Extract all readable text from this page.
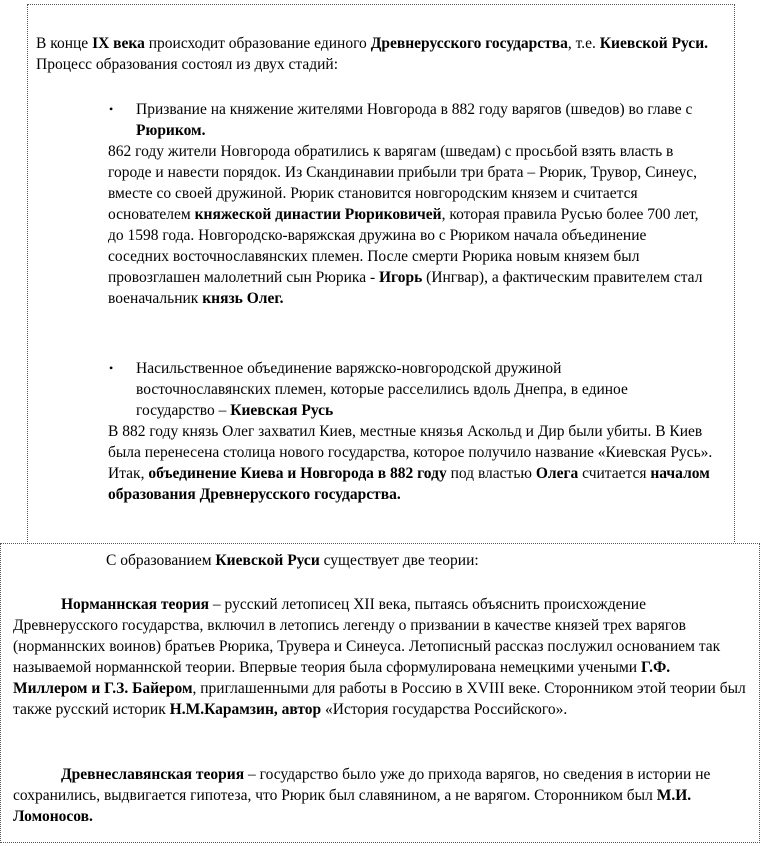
В конце IX века происходит образование единого Древнерусского государства, т.е. Киевской Руси. Процесс образования состоял из двух стадий:

• Призвание на княжение жителями Новгорода в 882 году варягов (шведов) во главе с Рюриком.

862 году жители Новгорода обратились к варягам (шведам) с просьбой взять власть в городе и навести порядок. Из Скандинавии прибыли три брата – Рюрик, Трувор, Синеус, вместе со своей дружиной. Рюрик становится новгородским князем и считается основателем княжеской династии Рюриковичей, которая правила Русью более 700 лет, до 1598 года. Новгородско-варяжская дружина во с Рюриком начала объединение соседних восточнославянских племен. После смерти Рюрика новым князем был провозглашен малолетний сын Рюрика - Игорь (Ингвар), а фактическим правителем стал военачальник князь Олег.

• Насильственное объединение варяжско-новгородской дружиной восточнославянских племен, которые расселились вдоль Днепра, в единое государство – Киевская Русь

В 882 году князь Олег захватил Киев, местные князья Аскольд и Дир были убиты. В Киев была перенесена столица нового государства, которое получило название «Киевская Русь». Итак, объединение Киева и Новгорода в 882 году под властью Олега считается началом образования Древнерусского государства.

С образованием Киевской Руси существует две теории:

Норманнская теория – русский летописец XII века, пытаясь объяснить происхождение Древнерусского государства, включил в летопись легенду о призвании в качестве князей трех варягов (норманнских воинов) братьев Рюрика, Трувера и Синеуса. Летописный рассказ послужил основанием так называемой норманнской теории. Впервые теория была сформулирована немецкими учеными Г.Ф. Миллером и Г.З. Байером, приглашенными для работы в Россию в XVIII веке. Сторонником этой теории был также русский историк Н.М.Карамзин, автор «История государства Российского».

Древнеславянская теория – государство было уже до прихода варягов, но сведения в истории не сохранились, выдвигается гипотеза, что Рюрик был славянином, а не варягом. Сторонником был М.И. Ломоносов.
